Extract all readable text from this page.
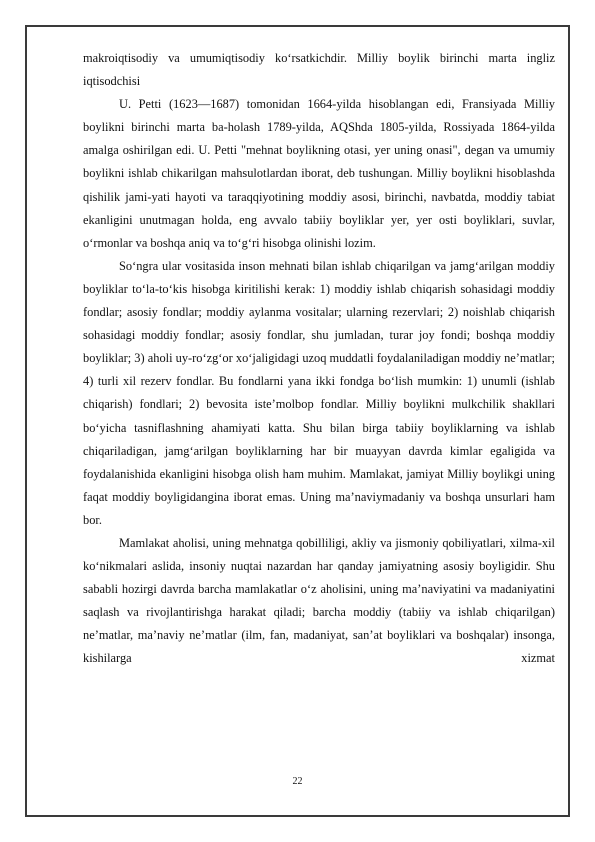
makroiqtisodiy va umumiqtisodiy koʻrsatkichdir. Milliy boylik birinchi marta ingliz iqtisodchisi

U. Petti (1623—1687) tomonidan 1664-yilda hisoblangan edi, Fransiyada Milliy boylikni birinchi marta ba-holash 1789-yilda, AQShda 1805-yilda, Rossiyada 1864-yilda amalga oshirilgan edi. U. Petti "mehnat boylikning otasi, yer uning onasi", degan va umumiy boylikni ishlab chikarilgan mahsulotlardan iborat, deb tushungan. Milliy boylikni hisoblashda qishilik jami-yati hayoti va taraqqiyotining moddiy asosi, birinchi, navbatda, moddiy tabiat ekanligini unutmagan holda, eng avvalo tabiiy boyliklar yer, yer osti boyliklari, suvlar, oʻrmonlar va boshqa aniq va toʻgʻri hisobga olinishi lozim.

Soʻngra ular vositasida inson mehnati bilan ishlab chiqarilgan va jamgʻarilgan moddiy boyliklar toʻla-toʻkis hisobga kiritilishi kerak: 1) moddiy ishlab chiqarish sohasidagi moddiy fondlar; asosiy fondlar; moddiy aylanma vositalar; ularning rezervlari; 2) noishlab chiqarish sohasidagi moddiy fondlar; asosiy fondlar, shu jumladan, turar joy fondi; boshqa moddiy boyliklar; 3) aholi uy-roʻzgʻor xoʻjaligidagi uzoq muddatli foydalaniladigan moddiy neʼmatlar; 4) turli xil rezerv fondlar. Bu fondlarni yana ikki fondga boʻlish mumkin: 1) unumli (ishlab chiqarish) fondlari; 2) bevosita isteʼmolbop fondlar. Milliy boylikni mulkchilik shakllari boʻyicha tasniflashning ahamiyati katta. Shu bilan birga tabiiy boyliklarning va ishlab chiqariladigan, jamgʻarilgan boyliklarning har bir muayyan davrda kimlar egaligida va foydalanishida ekanligini hisobga olish ham muhim. Mamlakat, jamiyat Milliy boylikgi uning faqat moddiy boyligidangina iborat emas. Uning maʼnaviymadaniy va boshqa unsurlari ham bor.

Mamlakat aholisi, uning mehnatga qobilliligi, akliy va jismoniy qobiliyatlari, xilma-xil koʻnikmalari aslida, insoniy nuqtai nazardan har qanday jamiyatning asosiy boyligidir. Shu sababli hozirgi davrda barcha mamlakatlar oʻz aholisini, uning maʼnaviyatini va madaniyatini saqlash va rivojlantirishga harakat qiladi; barcha moddiy (tabiiy va ishlab chiqarilgan) neʼmatlar, maʼnaviy neʼmatlar (ilm, fan, madaniyat, sanʼat boyliklari va boshqalar) insonga, kishilarga xizmat

22
